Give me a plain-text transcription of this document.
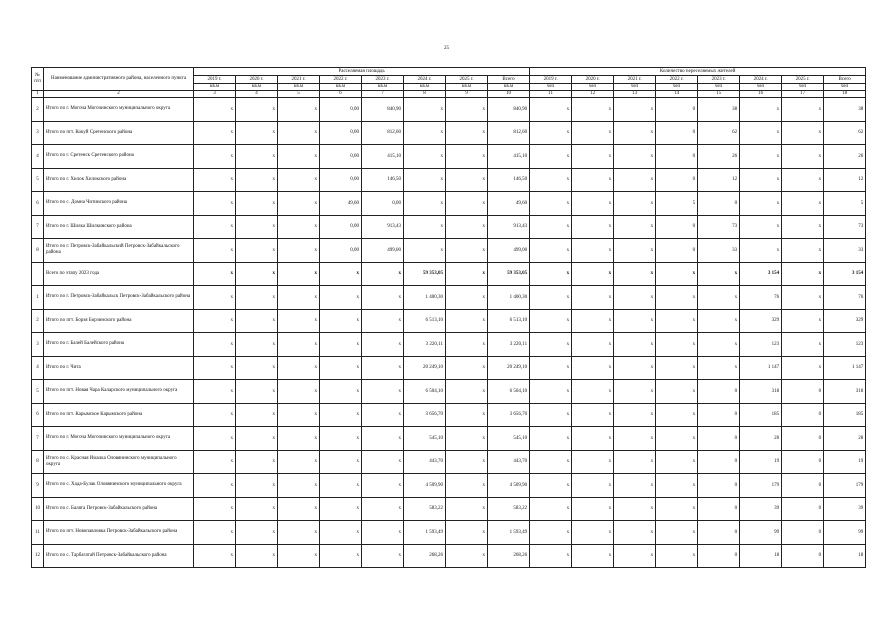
25
№ п/п	Наименование административного района, населенного пункта	Расселяемая площадь								Количество переселяемых жителей							
		2019 г.	2020 г.	2021 г.	2022 г.	2023 г.	2024 г.	2025 г.	Всего	2019 г.	2020 г.	2021 г.	2022 г.	2023 г.	2024 г.	2025 г.	Всего
		кв.м	кв.м	кв.м	кв.м	кв.м	кв.м	кв.м	кв.м	чел	чел	чел	чел	чел	чел	чел	чел
1	2	3	4	5	6	7	8	9	10	11	12	13	14	15	16	17	18
2	Итого по г. Могоча Могочинского муниципального округа	x	x	x	0,00	840,90	x	x	840,90	x	x	x	0	38	x	x	38
3	Итого по пгт. Кокуй Сретенского района	x	x	x	0,00	812,60	x	x	812,60	x	x	x	0	62	x	x	62
4	Итого по г. Сретенск Сретенского района	x	x	x	0,00	415,10	x	x	415,10	x	x	x	0	26	x	x	26
5	Итого по г. Хилок Хилокского района	x	x	x	0,00	146,50	x	x	146,50	x	x	x	0	12	x	x	12
6	Итого по с. Домна Читинского района	x	x	x	49,60	0,00	x	x	49,60	x	x	x	5	0	x	x	5
7	Итого по г. Шилка Шилкинского района	x	x	x	0,00	913,43	x	x	913,43	x	x	x	0	73	x	x	73
8	Итого по г. Петровск-Забайкальский Петровск-Забайкальского района	x	x	x	0,00	499,00	x	x	499,00	x	x	x	0	33	x	x	33
	Всего по этапу 2023 года	x	x	x	x	x	59 353,05	x	59 353,05	x	x	x	x	x	3 154	x	3 154
1	Итого по г. Петровск-Забайкальск Петровск-Забайкальского района	x	x	x	x	x	1 400,30	x	1 400,30	x	x	x	x	x	76	x	76
2	Итого по пгт. Борзя Борзинского района	x	x	x	x	x	6 513,10	x	6 513,10	x	x	x	x	x	329	x	329
3	Итого по г. Балей Балейского района	x	x	x	x	x	3 220,11	x	3 220,11	x	x	x	x	x	123	x	123
4	Итого по г. Чита	x	x	x	x	x	20 249,10	x	20 249,10	x	x	x	x	x	1 147	x	1 147
5	Итого по пгт. Новая Чара Каларского муниципального округа	x	x	x	x	x	6 504,10	x	6 504,10	x	x	x	x	0	318	0	318
6	Итого по пгт. Карымское Карымского района	x	x	x	x	x	3 656,70	x	3 656,70	x	x	x	x	0	185	0	185
7	Итого по г. Могоча Могочинского муниципального округа	x	x	x	x	x	545,10	x	545,10	x	x	x	x	0	28	0	28
8	Итого по с. Красная Ималка Оловянинского муниципального округа	x	x	x	x	x	443,70	x	443,70	x	x	x	x	0	19	0	19
9	Итого по с. Хада-Булак Оловянинского муниципального округа	x	x	x	x	x	4 509,90	x	4 509,90	x	x	x	x	0	179	0	179
10	Итого по с. Баляга Петровск-Забайкальского района	x	x	x	x	x	583,22	x	583,22	x	x	x	x	0	39	0	39
11	Итого по пгт. Новопавловка Петровск-Забайкальского района	x	x	x	x	x	1 593,49	x	1 593,49	x	x	x	x	0	99	0	99
12	Итого по с. Тарбагатай Петровск-Забайкальского района	x	x	x	x	x	268,26	x	268,26	x	x	x	x	0	18	0	18
